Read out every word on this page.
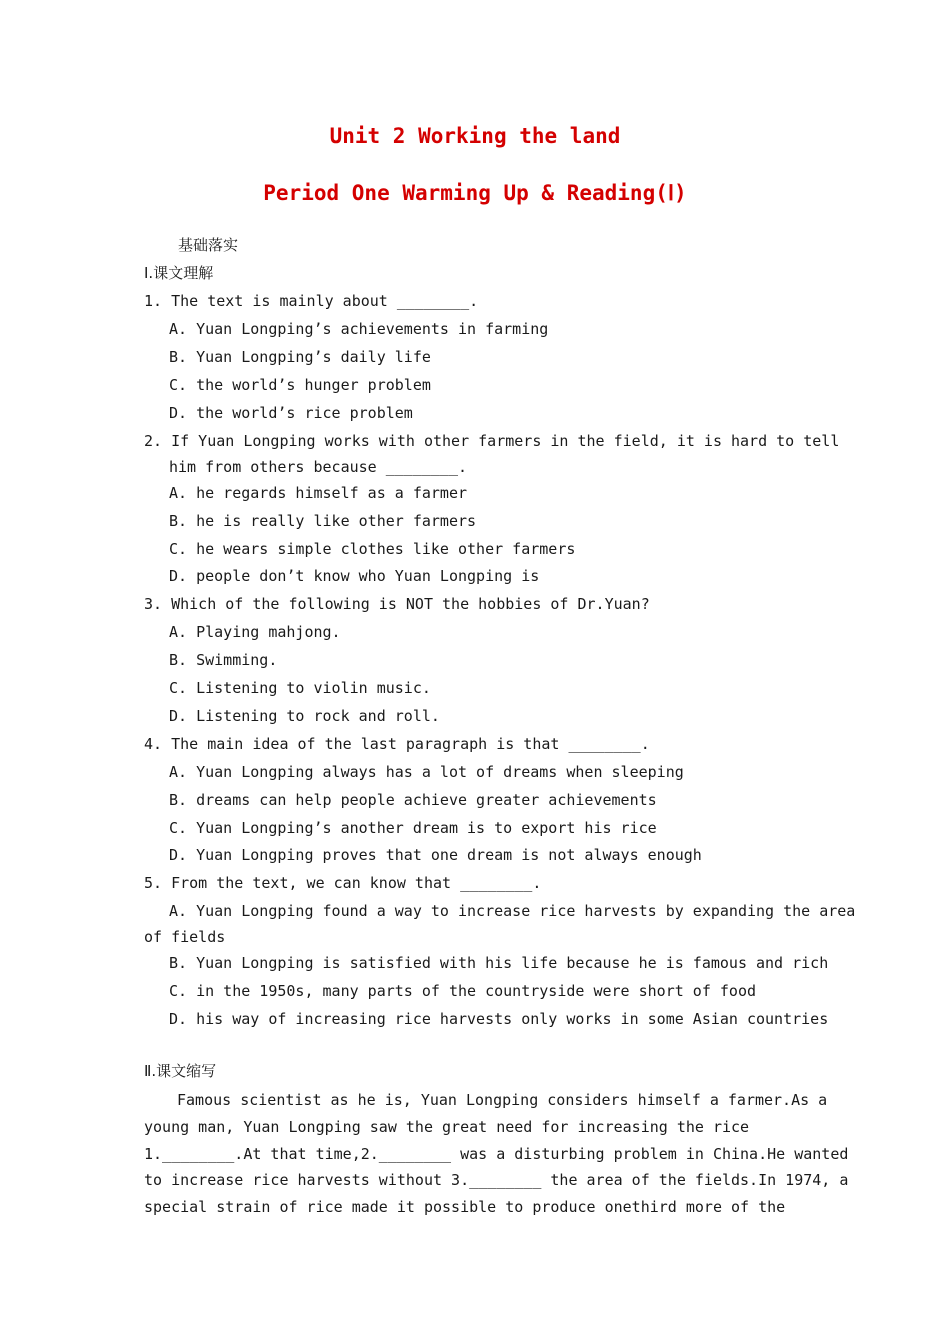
Unit 2 Working the land
Period One Warming Up & Reading(Ⅰ)
基础落实
Ⅰ.课文理解
1. The text is mainly about ________.
A. Yuan Longping’s achievements in farming
B. Yuan Longping’s daily life
C. the world’s hunger problem
D. the world’s rice problem
2. If Yuan Longping works with other farmers in the field, it is hard to tell
him from others because ________.
A. he regards himself as a farmer
B. he is really like other farmers
C. he wears simple clothes like other farmers
D. people don’t know who Yuan Longping is
3. Which of the following is NOT the hobbies of Dr.Yuan?
A. Playing mahjong.
B. Swimming.
C. Listening to violin music.
D. Listening to rock and roll.
4. The main idea of the last paragraph is that ________.
A. Yuan Longping always has a lot of dreams when sleeping
B. dreams can help people achieve greater achievements
C. Yuan Longping’s another dream is to export his rice
D. Yuan Longping proves that one dream is not always enough
5. From the text, we can know that ________.
A. Yuan Longping found a way to increase rice harvests by expanding the area
of fields
B. Yuan Longping is satisfied with his life because he is famous and rich
C. in the 1950s, many parts of the countryside were short of food
D. his way of increasing rice harvests only works in some Asian countries
Ⅱ.课文缩写
Famous scientist as he is, Yuan Longping considers himself a farmer.As a
young man, Yuan Longping saw the great need for increasing the rice
1.________.At that time,2.________ was a disturbing problem in China.He wanted
to increase rice harvests without 3.________ the area of the fields.In 1974, a
special strain of rice made it possible to produce onethird more of the
